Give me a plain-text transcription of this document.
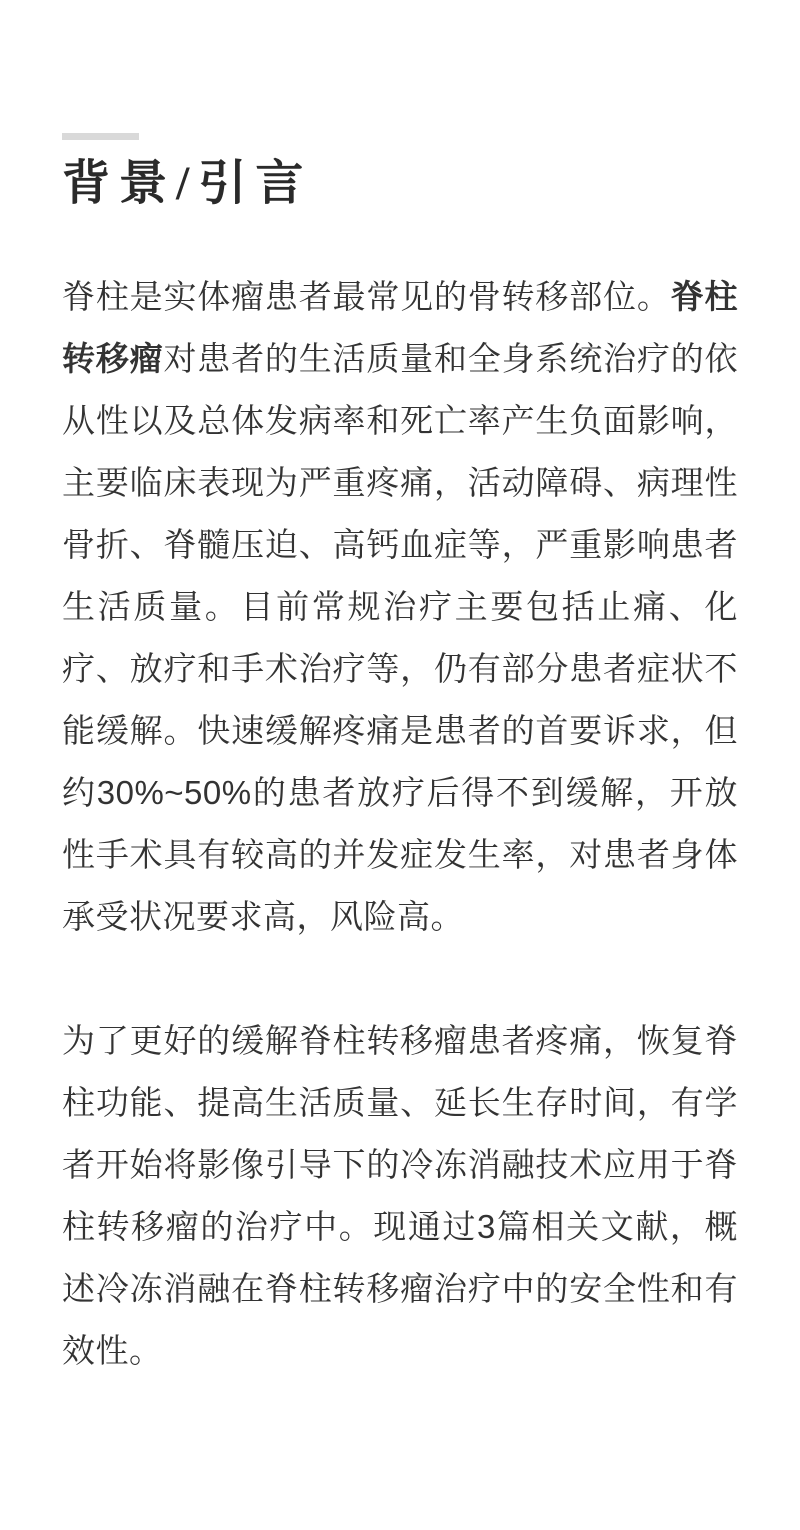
背景/引言

脊柱是实体瘤患者最常见的骨转移部位。脊柱转移瘤对患者的生活质量和全身系统治疗的依从性以及总体发病率和死亡率产生负面影响，主要临床表现为严重疼痛，活动障碍、病理性骨折、脊髓压迫、高钙血症等，严重影响患者生活质量。目前常规治疗主要包括止痛、化疗、放疗和手术治疗等，仍有部分患者症状不能缓解。快速缓解疼痛是患者的首要诉求，但约30%~50%的患者放疗后得不到缓解，开放性手术具有较高的并发症发生率，对患者身体承受状况要求高，风险高。

为了更好的缓解脊柱转移瘤患者疼痛，恢复脊柱功能、提高生活质量、延长生存时间，有学者开始将影像引导下的冷冻消融技术应用于脊柱转移瘤的治疗中。现通过3篇相关文献，概述冷冻消融在脊柱转移瘤治疗中的安全性和有效性。
